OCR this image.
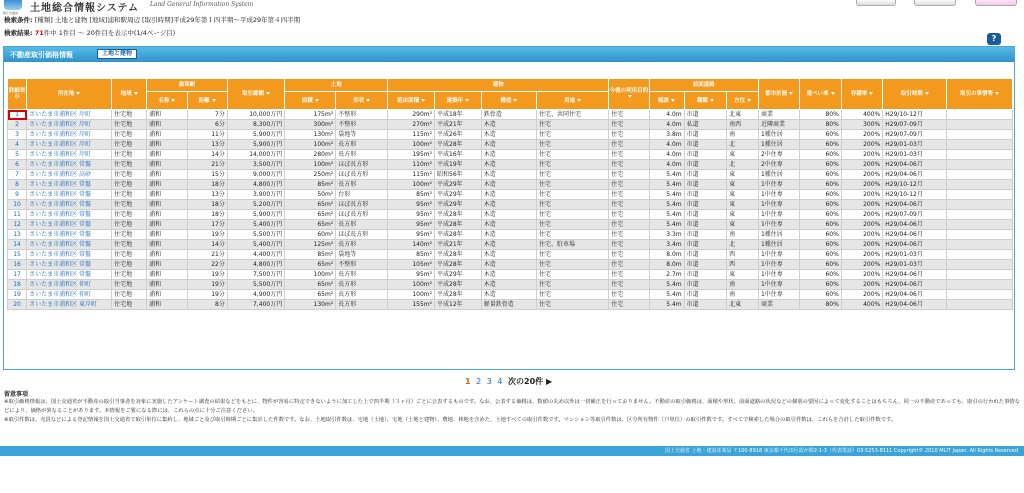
土地総合情報システム Land General Information System
国土交通省
検索条件: [種類] 土地と建物 [地域]浦和駅周辺 [取引時期]平成29年第１四半期～平成29年第４四半期
検索結果: 71件中 1件目 ～ 20件目を表示中(1/4ページ目)
?
不動産取引価格情報	土地と建物
詳細表示	所在地	地域	最寄駅		取引総額	土地		建物				今後の利用目的	前面道路			都市計画	建ぺい率	容積率	取引時期	取引の事情等
			名称	距離		面積	形状	延床面積	建築年	構造	用途		幅員	種類	方位					
1	さいたま市浦和区 岸町	住宅地	浦和	7分	10,000万円	175m²	不整形	290m²	平成18年	鉄骨造	住宅、共同住宅	住宅	4.0m	市道	北東	商業	80%	400%	H29/10-12月	
2	さいたま市浦和区 岸町	住宅地	浦和	6分	8,300万円	300m²	不整形	270m²	平成21年	木造	住宅	住宅	4.0m	私道	南西	近隣商業	80%	300%	H29/07-09月	
3	さいたま市浦和区 岸町	住宅地	浦和	11分	5,900万円	130m²	袋地等	115m²	平成26年	木造	住宅	住宅	3.8m	市道	南	1種住居	60%	200%	H29/07-09月	
4	さいたま市浦和区 岸町	住宅地	浦和	13分	5,900万円	100m²	長方形	100m²	平成28年	木造	住宅	住宅	4.0m	市道	北	1種住居	60%	200%	H29/01-03月	
5	さいたま市浦和区 岸町	住宅地	浦和	14分	14,000万円	280m²	長方形	195m²	平成16年	木造	住宅	住宅	4.0m	市道	東	2中住専	60%	200%	H29/01-03月	
6	さいたま市浦和区 常盤	住宅地	浦和	21分	3,500万円	100m²	ほぼ長方形	110m²	平成19年	木造	住宅	住宅	4.0m	市道	北	2中住専	60%	200%	H29/04-06月	
7	さいたま市浦和区 高砂	住宅地	浦和	15分	9,000万円	250m²	ほぼ長方形	115m²	昭和56年	木造	住宅	住宅	5.4m	市道	東	1種住居	60%	200%	H29/04-06月	
8	さいたま市浦和区 常盤	住宅地	浦和	18分	4,800万円	85m²	長方形	100m²	平成29年	木造	住宅	住宅	5.4m	市道	東	1中住専	60%	200%	H29/10-12月	
9	さいたま市浦和区 常盤	住宅地	浦和	13分	3,900万円	50m²	台形	85m²	平成29年	木造	住宅	住宅	5.4m	市道	東	1中住専	60%	200%	H29/10-12月	
10	さいたま市浦和区 常盤	住宅地	浦和	18分	5,200万円	65m²	ほぼ長方形	95m²	平成29年	木造	住宅	住宅	5.4m	市道	東	1中住専	60%	200%	H29/04-06月	
11	さいたま市浦和区 常盤	住宅地	浦和	18分	5,900万円	65m²	ほぼ長方形	95m²	平成28年	木造	住宅	住宅	5.4m	市道	東	1中住専	60%	200%	H29/07-09月	
12	さいたま市浦和区 常盤	住宅地	浦和	17分	5,400万円	65m²	長方形	95m²	平成28年	木造	住宅	住宅	5.4m	市道	東	1中住専	60%	200%	H29/04-06月	
13	さいたま市浦和区 常盤	住宅地	浦和	19分	5,500万円	60m²	ほぼ長方形	95m²	平成28年	木造	住宅	住宅	3.3m	市道	南	1種住居	60%	200%	H29/04-06月	
14	さいたま市浦和区 常盤	住宅地	浦和	14分	5,400万円	125m²	長方形	140m²	平成21年	木造	住宅、駐車場	住宅	3.4m	市道	北	1種住居	60%	200%	H29/04-06月	
15	さいたま市浦和区 常盤	住宅地	浦和	21分	4,400万円	85m²	袋地等	85m²	平成28年	木造	住宅	住宅	8.0m	市道	西	1中住専	60%	200%	H29/01-03月	
16	さいたま市浦和区 常盤	住宅地	浦和	22分	4,800万円	65m²	不整形	105m²	平成28年	木造	住宅	住宅	8.0m	市道	西	1中住専	60%	200%	H29/01-03月	
17	さいたま市浦和区 常盤	住宅地	浦和	19分	7,500万円	100m²	長方形	95m²	平成29年	木造	住宅	住宅	2.7m	市道	東	1中住専	60%	200%	H29/04-06月	
18	さいたま市浦和区 仲町	住宅地	浦和	19分	5,500万円	65m²	長方形	100m²	平成28年	木造	住宅	住宅	5.4m	市道	南	1中住専	60%	200%	H29/04-06月	
19	さいたま市浦和区 仲町	住宅地	浦和	19分	4,900万円	65m²	長方形	100m²	平成28年	木造	住宅	住宅	5.4m	市道	南	1中住専	60%	200%	H29/04-06月	
20	さいたま市浦和区 東岸町	住宅地	浦和	8分	7,400万円	130m²	長方形	155m²	平成12年	軽量鉄骨造	住宅	住宅	5.4m	市道	北東	商業	80%	400%	H29/04-06月	
1 2 3 4 次の20件 ▶
留意事項
※取引価格情報は、国土交通省が不動産の取引当事者を対象に実施したアンケート調査の結果などをもとに、物件が容易に特定できないように加工した上で四半期（３ヶ月）ごとに公表するものです。なお、公表する価格は、数値の丸め以外は一切補正を行っておりません。不動産の取引価格は、面積や形状、前面道路の状況などの個別の要因によって変化することはもちろん、同一の不動産であっても、取引の行われた事情などにより、価格が異なることがあります。本情報をご覧になる際には、これらの点に十分ご注意ください。
※取引件数は、売買などによる登記情報を国土交通省で取引単位に集約し、地域ごと及び取引時期ごとに集計した件数です。なお、土地取引件数は、宅地（土地）、宅地（土地と建物）、農地、林地を含めた、土地すべての取引件数です。マンション等取引件数は、区分所有物件（戸単位）の取引件数です。すべてで検索した場合の取引件数は、これらを合計した取引件数です。
国土交通省 土地・建設産業局 〒100-8918 東京都千代田区霞が関2-1-3（代表電話）03-5253-8111 Copyright© 2010 MLIT Japan. All Rights Reserved
